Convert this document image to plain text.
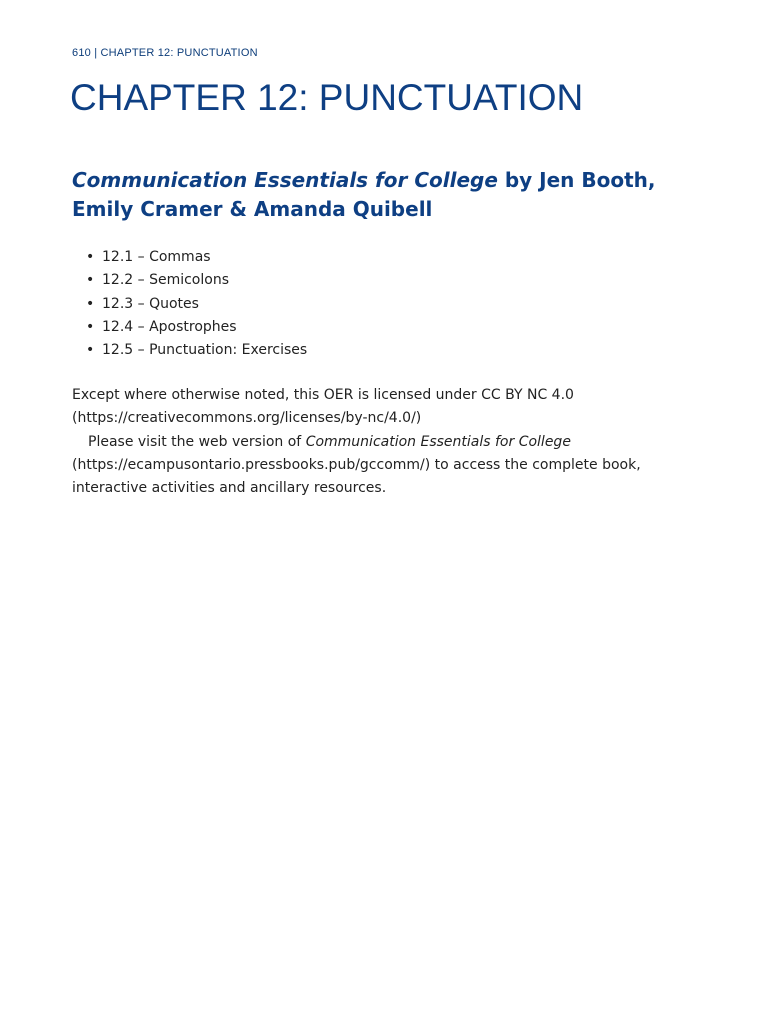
610 | CHAPTER 12: PUNCTUATION
CHAPTER 12: PUNCTUATION
Communication Essentials for College by Jen Booth, Emily Cramer & Amanda Quibell
• 12.1 – Commas
• 12.2 – Semicolons
• 12.3 – Quotes
• 12.4 – Apostrophes
• 12.5 – Punctuation: Exercises

Except where otherwise noted, this OER is licensed under CC BY NC 4.0 (https://creativecommons.org/licenses/by-nc/4.0/)

Please visit the web version of Communication Essentials for College (https://ecampusontario.pressbooks.pub/gccomm/) to access the complete book, interactive activities and ancillary resources.
